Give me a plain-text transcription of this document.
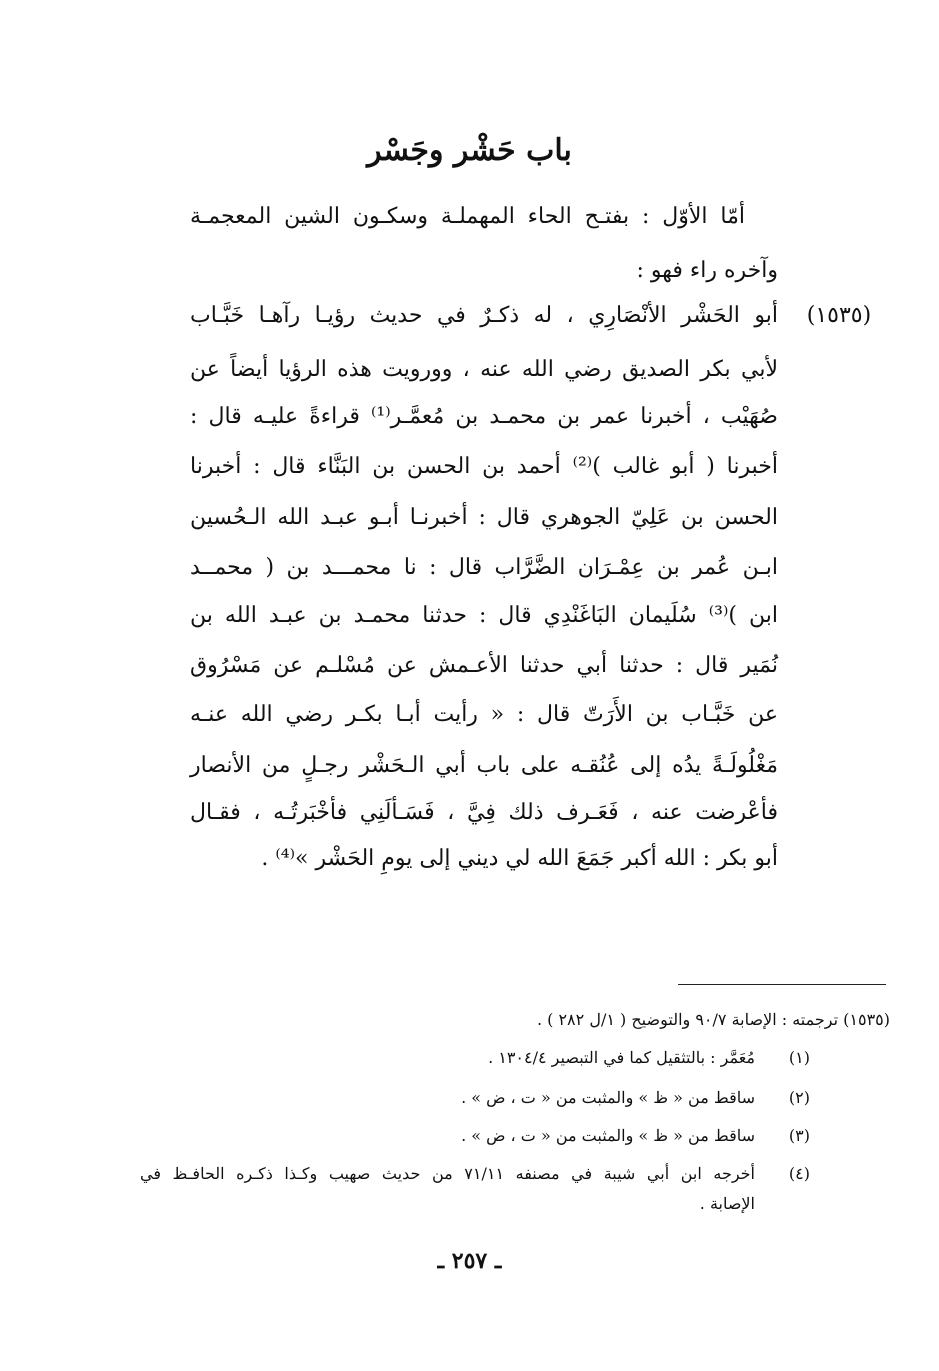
باب حَشْر وجَسْر
أمّا الأوّل : بفتـح الحاء المهملـة وسكـون الشين المعجمـة
وآخره راء فهو :
(١٥٣٥)
أبو الحَشْر الأنْصَارِي ، له ذكـرٌ في حديث رؤيـا رآهـا خَبَّـاب
لأبي بكر الصديق رضي الله عنه ، وورويت هذه الرؤيا أيضاً عن
صُهَيْب ، أخبرنا عمر بن محمـد بن مُعمَّـر⁽¹⁾ قراءةً عليـه قال :
أخبرنا ( أبو غالب )⁽²⁾ أحمد بن الحسن بن البَنَّاء قال : أخبرنا
الحسن بن عَلِيّ الجوهري قال : أخبرنـا أبـو عبـد الله الـحُسين
ابـن عُمر بن عِمْـرَان الضَّرَّاب قال : نا محمـــد بن ( محمــد
ابن )⁽³⁾ سُلَيمان البَاغَنْدِي قال : حدثنا محمـد بن عبـد الله بن
نُمَير قال : حدثنا أبي حدثنا الأعـمش عن مُسْلـم عن مَسْرُوق
عن خَبَّـاب بن الأَرَتّ قال : « رأيت أبـا بكـر رضي الله عنـه
مَغْلُولَـةً يدُه إلى عُنُقـه على باب أبي الـحَشْر رجـلٍ من الأنصار
فأعْرضت عنه ، فَعَـرف ذلك فِيَّ ، فَسَـألَنِي فأخْبَرتُـه ، فقـال
أبو بكر : الله أكبر جَمَعَ الله لي ديني إلى يومِ الحَشْر »⁽⁴⁾ .
(١٥٣٥) ترجمته : الإصابة ٩٠/٧ والتوضيح ( ١/ل ٢٨٢ ) .
(١)
مُعَمَّر : بالتثقيل كما في التبصير ١٣٠٤/٤ .
(٢)
ساقط من « ظ » والمثبت من « ت ، ض » .
(٣)
ساقط من « ظ » والمثبت من « ت ، ض » .
(٤)
أخرجه ابن أبي شيبة في مصنفه ٧١/١١ من حديث صهيب وكـذا ذكـره الحافـظ في
الإصابة .
ـ ٢٥٧ ـ
